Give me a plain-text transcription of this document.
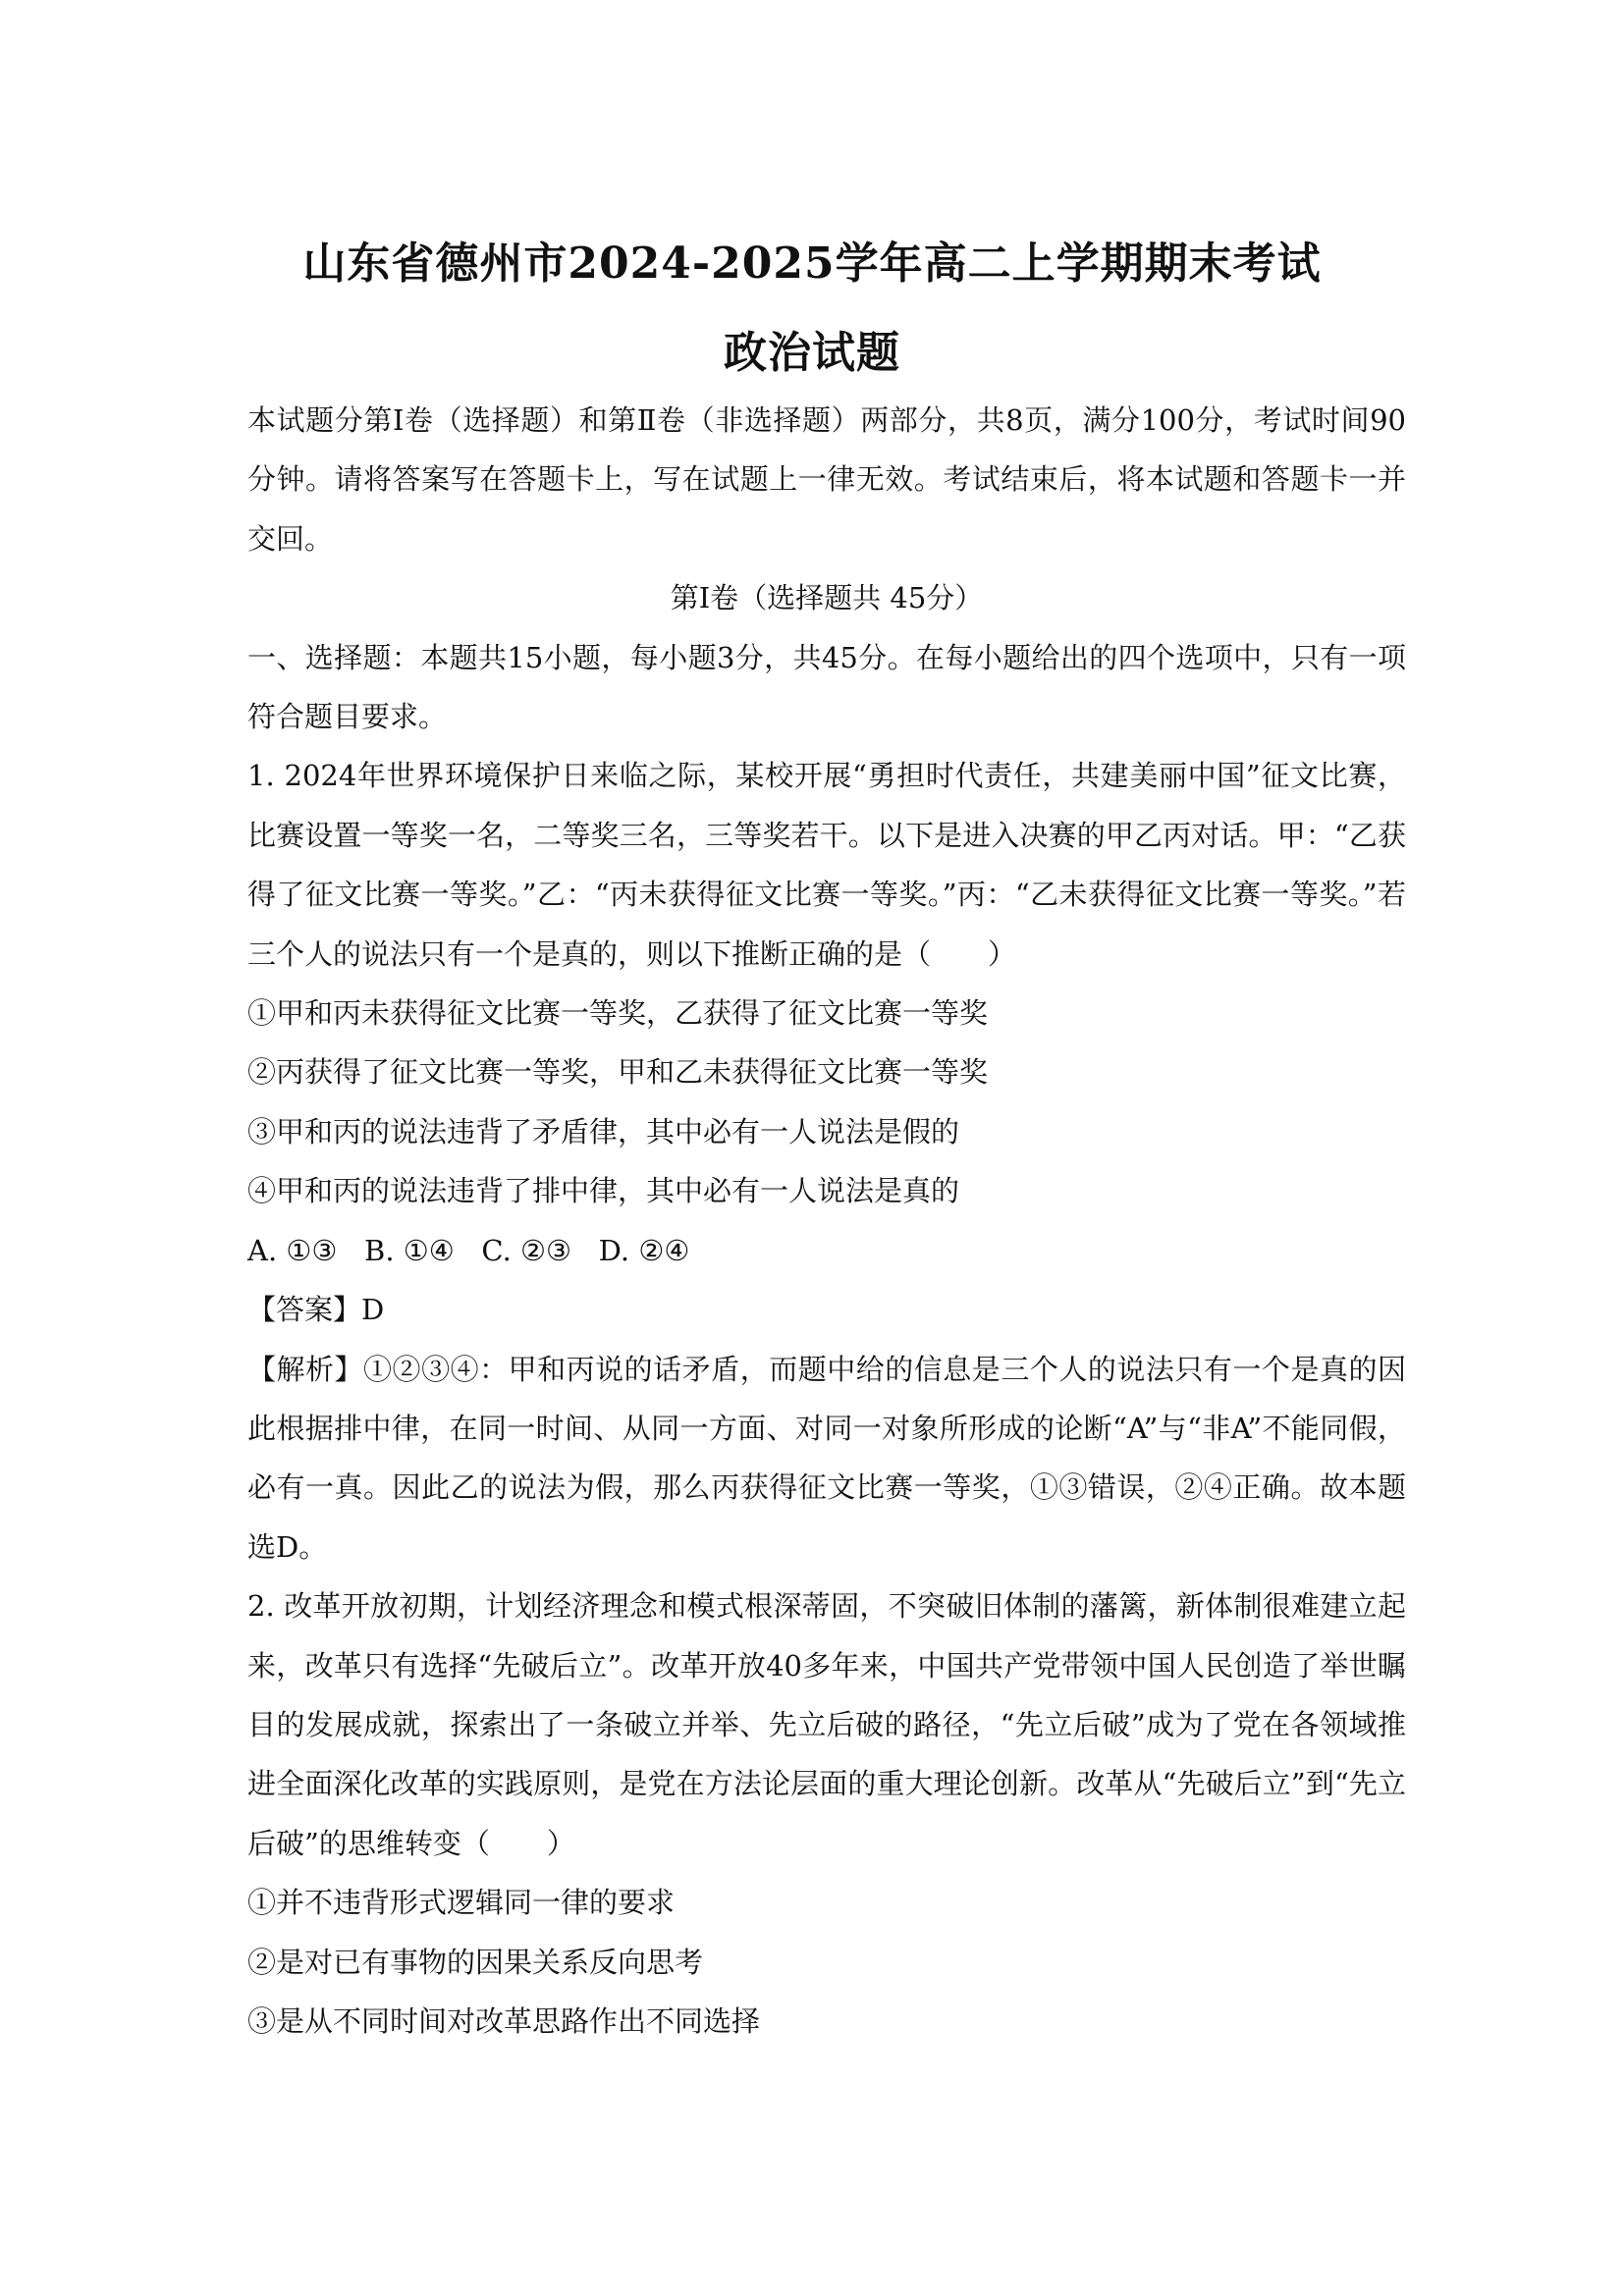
山东省德州市2024-2025学年高二上学期期末考试
政治试题

本试题分第Ⅰ卷（选择题）和第Ⅱ卷（非选择题）两部分，共8页，满分100分，考试时间90分钟。请将答案写在答题卡上，写在试题上一律无效。考试结束后，将本试题和答题卡一并交回。

第Ⅰ卷（选择题共 45分）

一、选择题：本题共15小题，每小题3分，共45分。在每小题给出的四个选项中，只有一项符合题目要求。

1. 2024年世界环境保护日来临之际，某校开展“勇担时代责任，共建美丽中国”征文比赛，比赛设置一等奖一名，二等奖三名，三等奖若干。以下是进入决赛的甲乙丙对话。甲：“乙获得了征文比赛一等奖。”乙：“丙未获得征文比赛一等奖。”丙：“乙未获得征文比赛一等奖。”若三个人的说法只有一个是真的，则以下推断正确的是（　　）

①甲和丙未获得征文比赛一等奖，乙获得了征文比赛一等奖

②丙获得了征文比赛一等奖，甲和乙未获得征文比赛一等奖

③甲和丙的说法违背了矛盾律，其中必有一人说法是假的

④甲和丙的说法违背了排中律，其中必有一人说法是真的

A. ①③   B. ①④   C. ②③   D. ②④

【答案】D

【解析】①②③④：甲和丙说的话矛盾，而题中给的信息是三个人的说法只有一个是真的因此根据排中律，在同一时间、从同一方面、对同一对象所形成的论断“A”与“非A”不能同假，必有一真。因此乙的说法为假，那么丙获得征文比赛一等奖，①③错误，②④正确。故本题选D。

2. 改革开放初期，计划经济理念和模式根深蒂固，不突破旧体制的藩篱，新体制很难建立起来，改革只有选择“先破后立”。改革开放40多年来，中国共产党带领中国人民创造了举世瞩目的发展成就，探索出了一条破立并举、先立后破的路径，“先立后破”成为了党在各领域推进全面深化改革的实践原则，是党在方法论层面的重大理论创新。改革从“先破后立”到“先立后破”的思维转变（　　）

①并不违背形式逻辑同一律的要求

②是对已有事物的因果关系反向思考

③是从不同时间对改革思路作出不同选择
